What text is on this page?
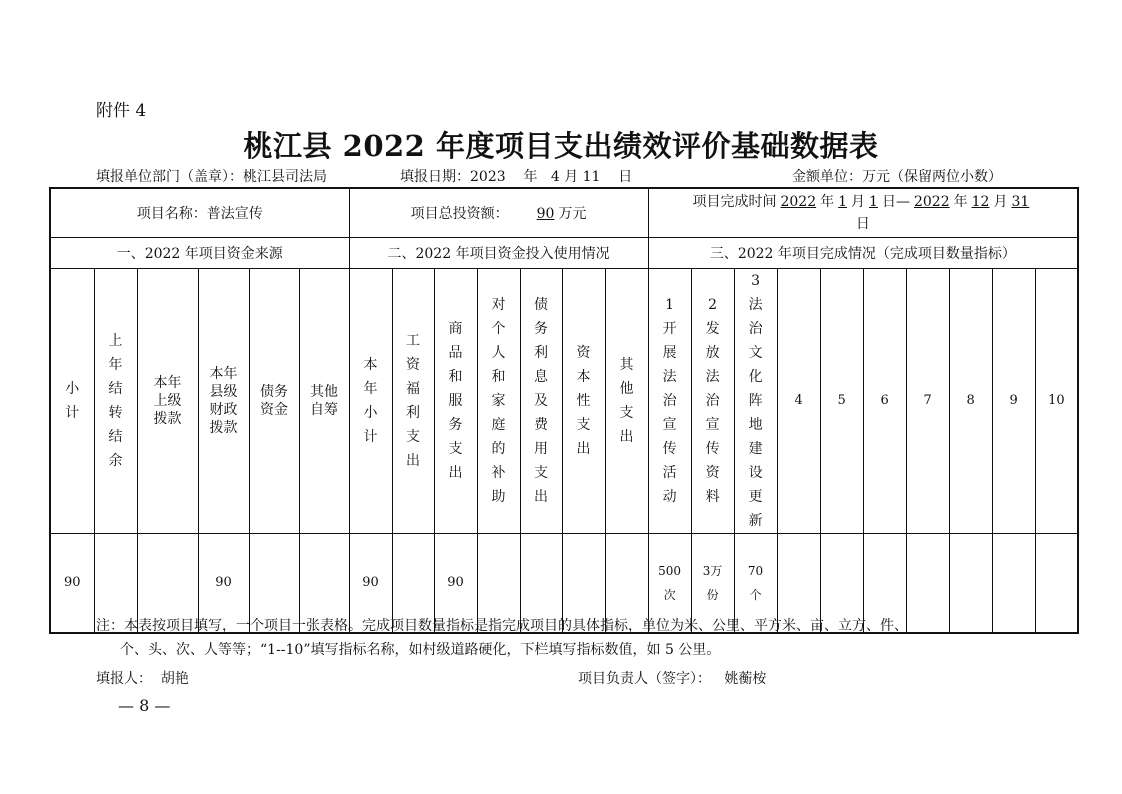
附件 4
桃江县 2022 年度项目支出绩效评价基础数据表
填报单位部门（盖章）：桃江县司法局	填报日期：2023 年 4 月 11 日	金额单位：万元（保留两位小数）
项目名称：普法宣传						项目总投资额： 90 万元							项目完成时间 2022 年 1 月 1 日— 2022 年 12 月 31
日									
一、2022 年项目资金来源						二、2022 年项目资金投入使用情况							三、2022 年项目完成情况（完成项目数量指标）									
小计	上年结转结余	本年上级拨款	本年县级财政拨款	债务资金	其他自筹	本年小计	工资福利支出	商品和服务支出	对个人和家庭的补助	债务利息及费用支出	资本性支出	其他支出	1开展法治宣传活动	2发放法治宣传资料	3法治文化阵地建设更新	4	5	6	7	8	9	10
90			90			90		90					500次	3万份	70个							
注：本表按项目填写，一个项目一张表格。完成项目数量指标是指完成项目的具体指标，单位为米、公里、平方米、亩、立方、件、
个、头、次、人等等；“1--10”填写指标名称，如村级道路硬化，下栏填写指标数值，如 5 公里。
填报人： 胡艳	项目负责人（签字）： 姚蘅桉
— 8 —
